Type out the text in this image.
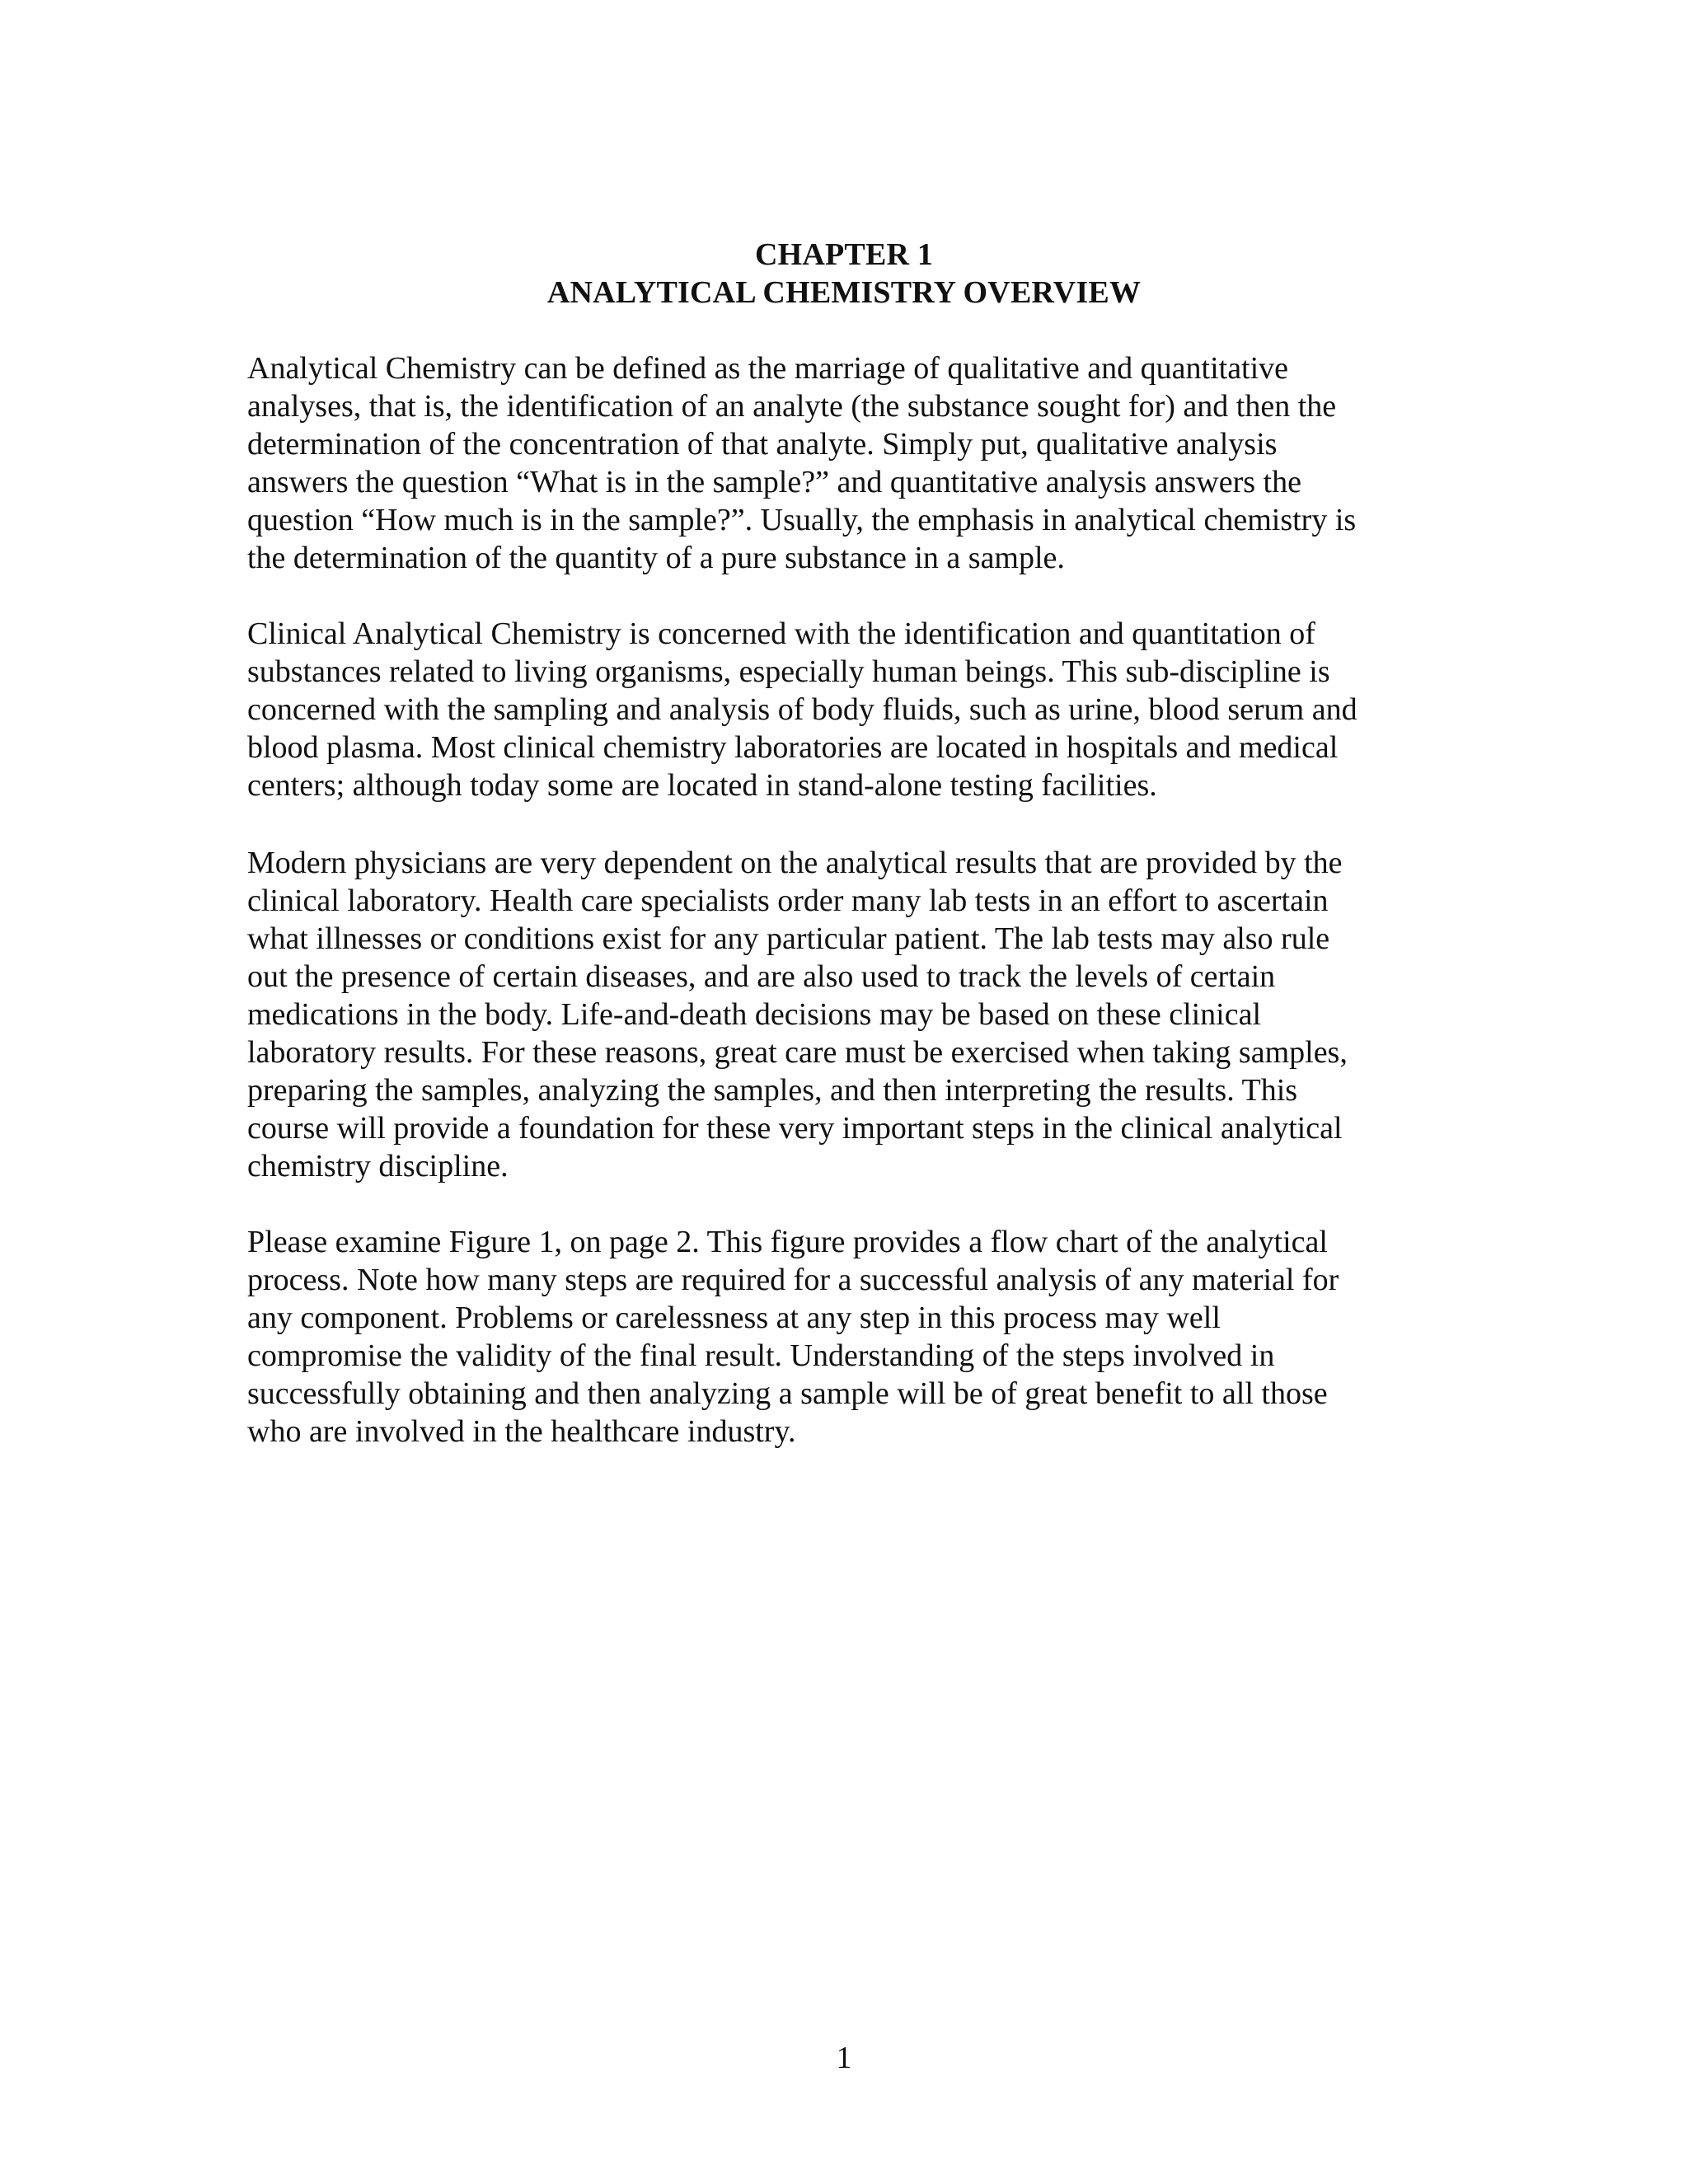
CHAPTER 1
ANALYTICAL CHEMISTRY OVERVIEW

Analytical Chemistry can be defined as the marriage of qualitative and quantitative
analyses, that is, the identification of an analyte (the substance sought for) and then the
determination of the concentration of that analyte. Simply put, qualitative analysis
answers the question “What is in the sample?” and quantitative analysis answers the
question “How much is in the sample?”. Usually, the emphasis in analytical chemistry is
the determination of the quantity of a pure substance in a sample.

Clinical Analytical Chemistry is concerned with the identification and quantitation of
substances related to living organisms, especially human beings. This sub-discipline is
concerned with the sampling and analysis of body fluids, such as urine, blood serum and
blood plasma. Most clinical chemistry laboratories are located in hospitals and medical
centers; although today some are located in stand-alone testing facilities.

Modern physicians are very dependent on the analytical results that are provided by the
clinical laboratory. Health care specialists order many lab tests in an effort to ascertain
what illnesses or conditions exist for any particular patient. The lab tests may also rule
out the presence of certain diseases, and are also used to track the levels of certain
medications in the body. Life-and-death decisions may be based on these clinical
laboratory results. For these reasons, great care must be exercised when taking samples,
preparing the samples, analyzing the samples, and then interpreting the results. This
course will provide a foundation for these very important steps in the clinical analytical
chemistry discipline.

Please examine Figure 1, on page 2. This figure provides a flow chart of the analytical
process. Note how many steps are required for a successful analysis of any material for
any component. Problems or carelessness at any step in this process may well
compromise the validity of the final result. Understanding of the steps involved in
successfully obtaining and then analyzing a sample will be of great benefit to all those
who are involved in the healthcare industry.

1
